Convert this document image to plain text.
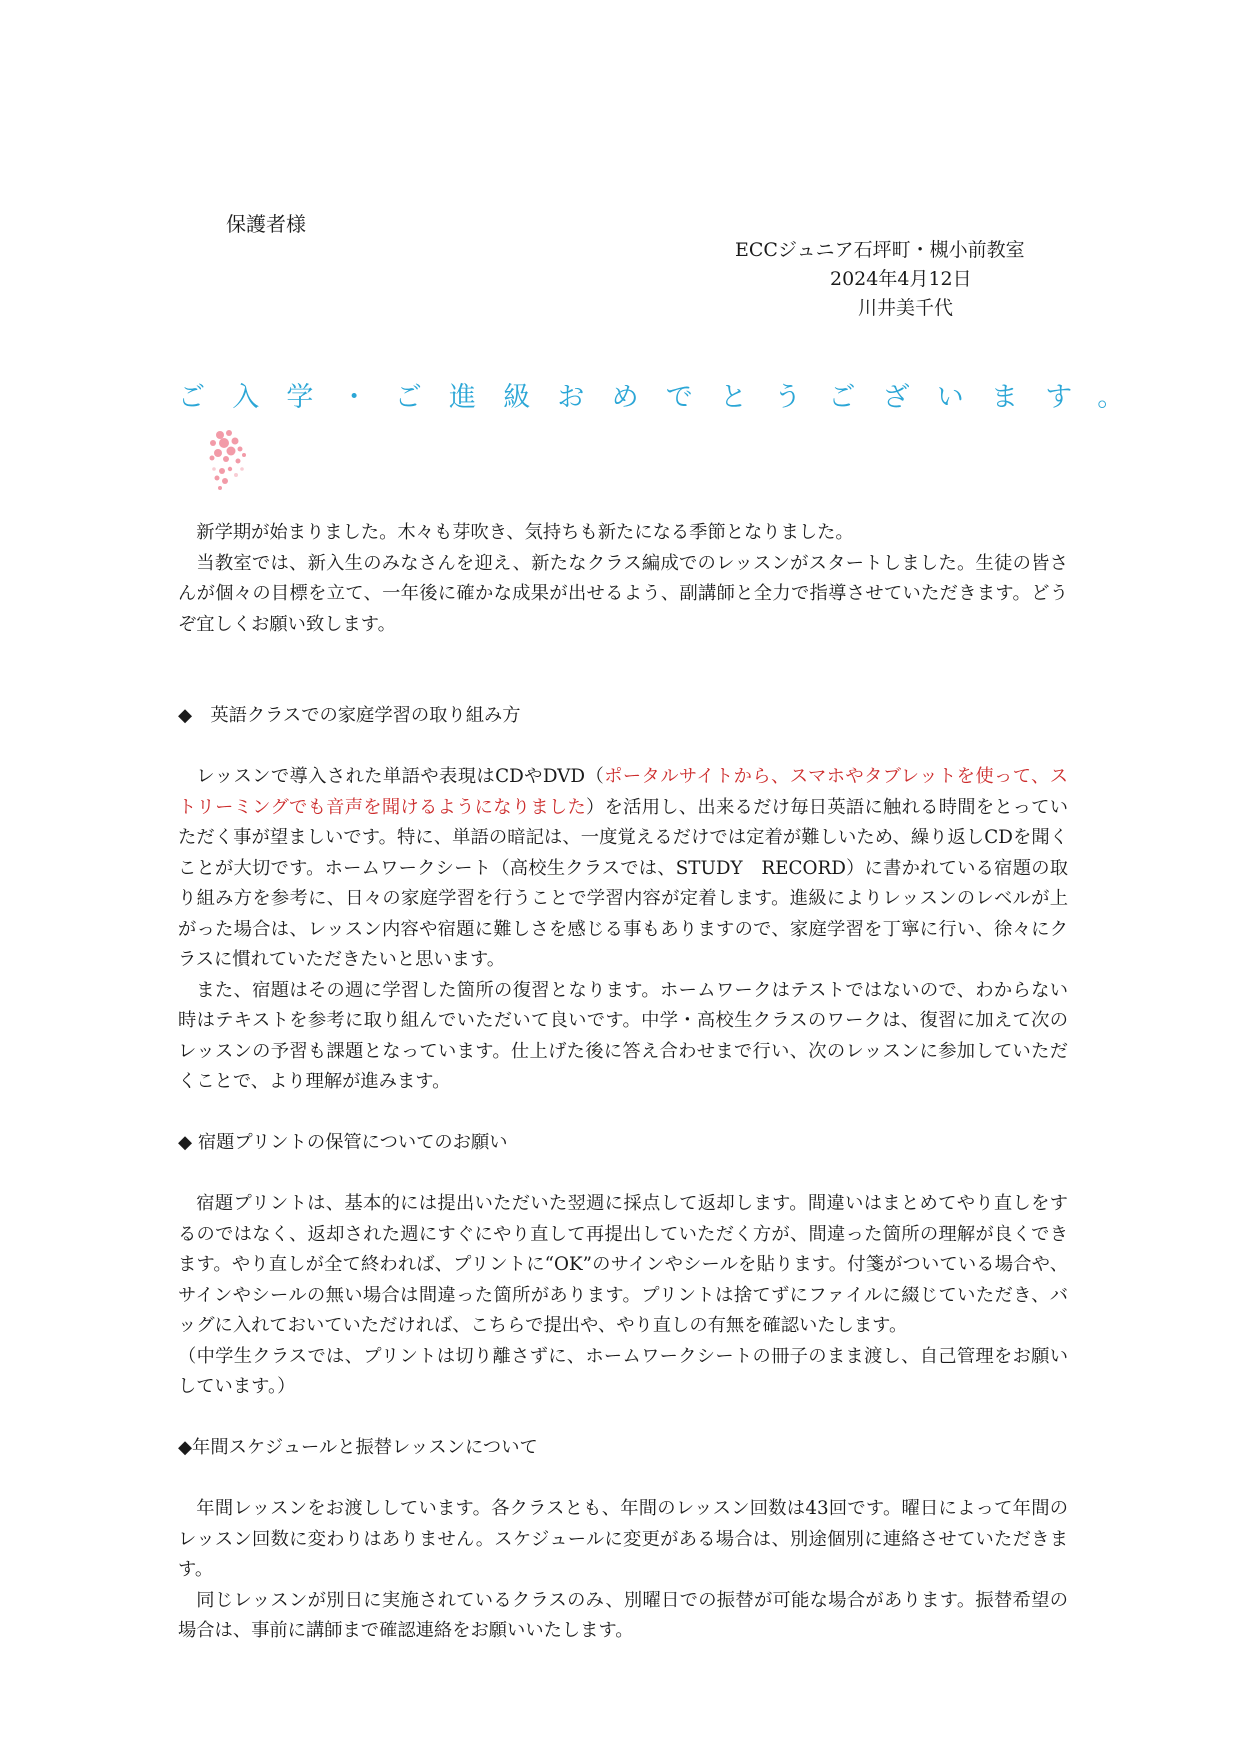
保護者様
ECCジュニア石坪町・槻小前教室
2024年4月12日
川井美千代
ご入学・ご進級おめでとうございます。

新学期が始まりました。木々も芽吹き、気持ちも新たになる季節となりました。

当教室では、新入生のみなさんを迎え、新たなクラス編成でのレッスンがスタートしました。生徒の皆さんが個々の目標を立て、一年後に確かな成果が出せるよう、副講師と全力で指導させていただきます。どうぞ宜しくお願い致します。

◆　英語クラスでの家庭学習の取り組み方

レッスンで導入された単語や表現はCDやDVD（ポータルサイトから、スマホやタブレットを使って、ストリーミングでも音声を聞けるようになりました）を活用し、出来るだけ毎日英語に触れる時間をとっていただく事が望ましいです。特に、単語の暗記は、一度覚えるだけでは定着が難しいため、繰り返しCDを聞くことが大切です。ホームワークシート（高校生クラスでは、STUDY　RECORD）に書かれている宿題の取り組み方を参考に、日々の家庭学習を行うことで学習内容が定着します。進級によりレッスンのレベルが上がった場合は、レッスン内容や宿題に難しさを感じる事もありますので、家庭学習を丁寧に行い、徐々にクラスに慣れていただきたいと思います。

また、宿題はその週に学習した箇所の復習となります。ホームワークはテストではないので、わからない時はテキストを参考に取り組んでいただいて良いです。中学・高校生クラスのワークは、復習に加えて次のレッスンの予習も課題となっています。仕上げた後に答え合わせまで行い、次のレッスンに参加していただくことで、より理解が進みます。

◆ 宿題プリントの保管についてのお願い

宿題プリントは、基本的には提出いただいた翌週に採点して返却します。間違いはまとめてやり直しをするのではなく、返却された週にすぐにやり直して再提出していただく方が、間違った箇所の理解が良くできます。やり直しが全て終われば、プリントに“OK”のサインやシールを貼ります。付箋がついている場合や、サインやシールの無い場合は間違った箇所があります。プリントは捨てずにファイルに綴じていただき、バッグに入れておいていただければ、こちらで提出や、やり直しの有無を確認いたします。

（中学生クラスでは、プリントは切り離さずに、ホームワークシートの冊子のまま渡し、自己管理をお願いしています。）

◆年間スケジュールと振替レッスンについて

年間レッスンをお渡ししています。各クラスとも、年間のレッスン回数は43回です。曜日によって年間のレッスン回数に変わりはありません。スケジュールに変更がある場合は、別途個別に連絡させていただきます。

同じレッスンが別日に実施されているクラスのみ、別曜日での振替が可能な場合があります。振替希望の場合は、事前に講師まで確認連絡をお願いいたします。
